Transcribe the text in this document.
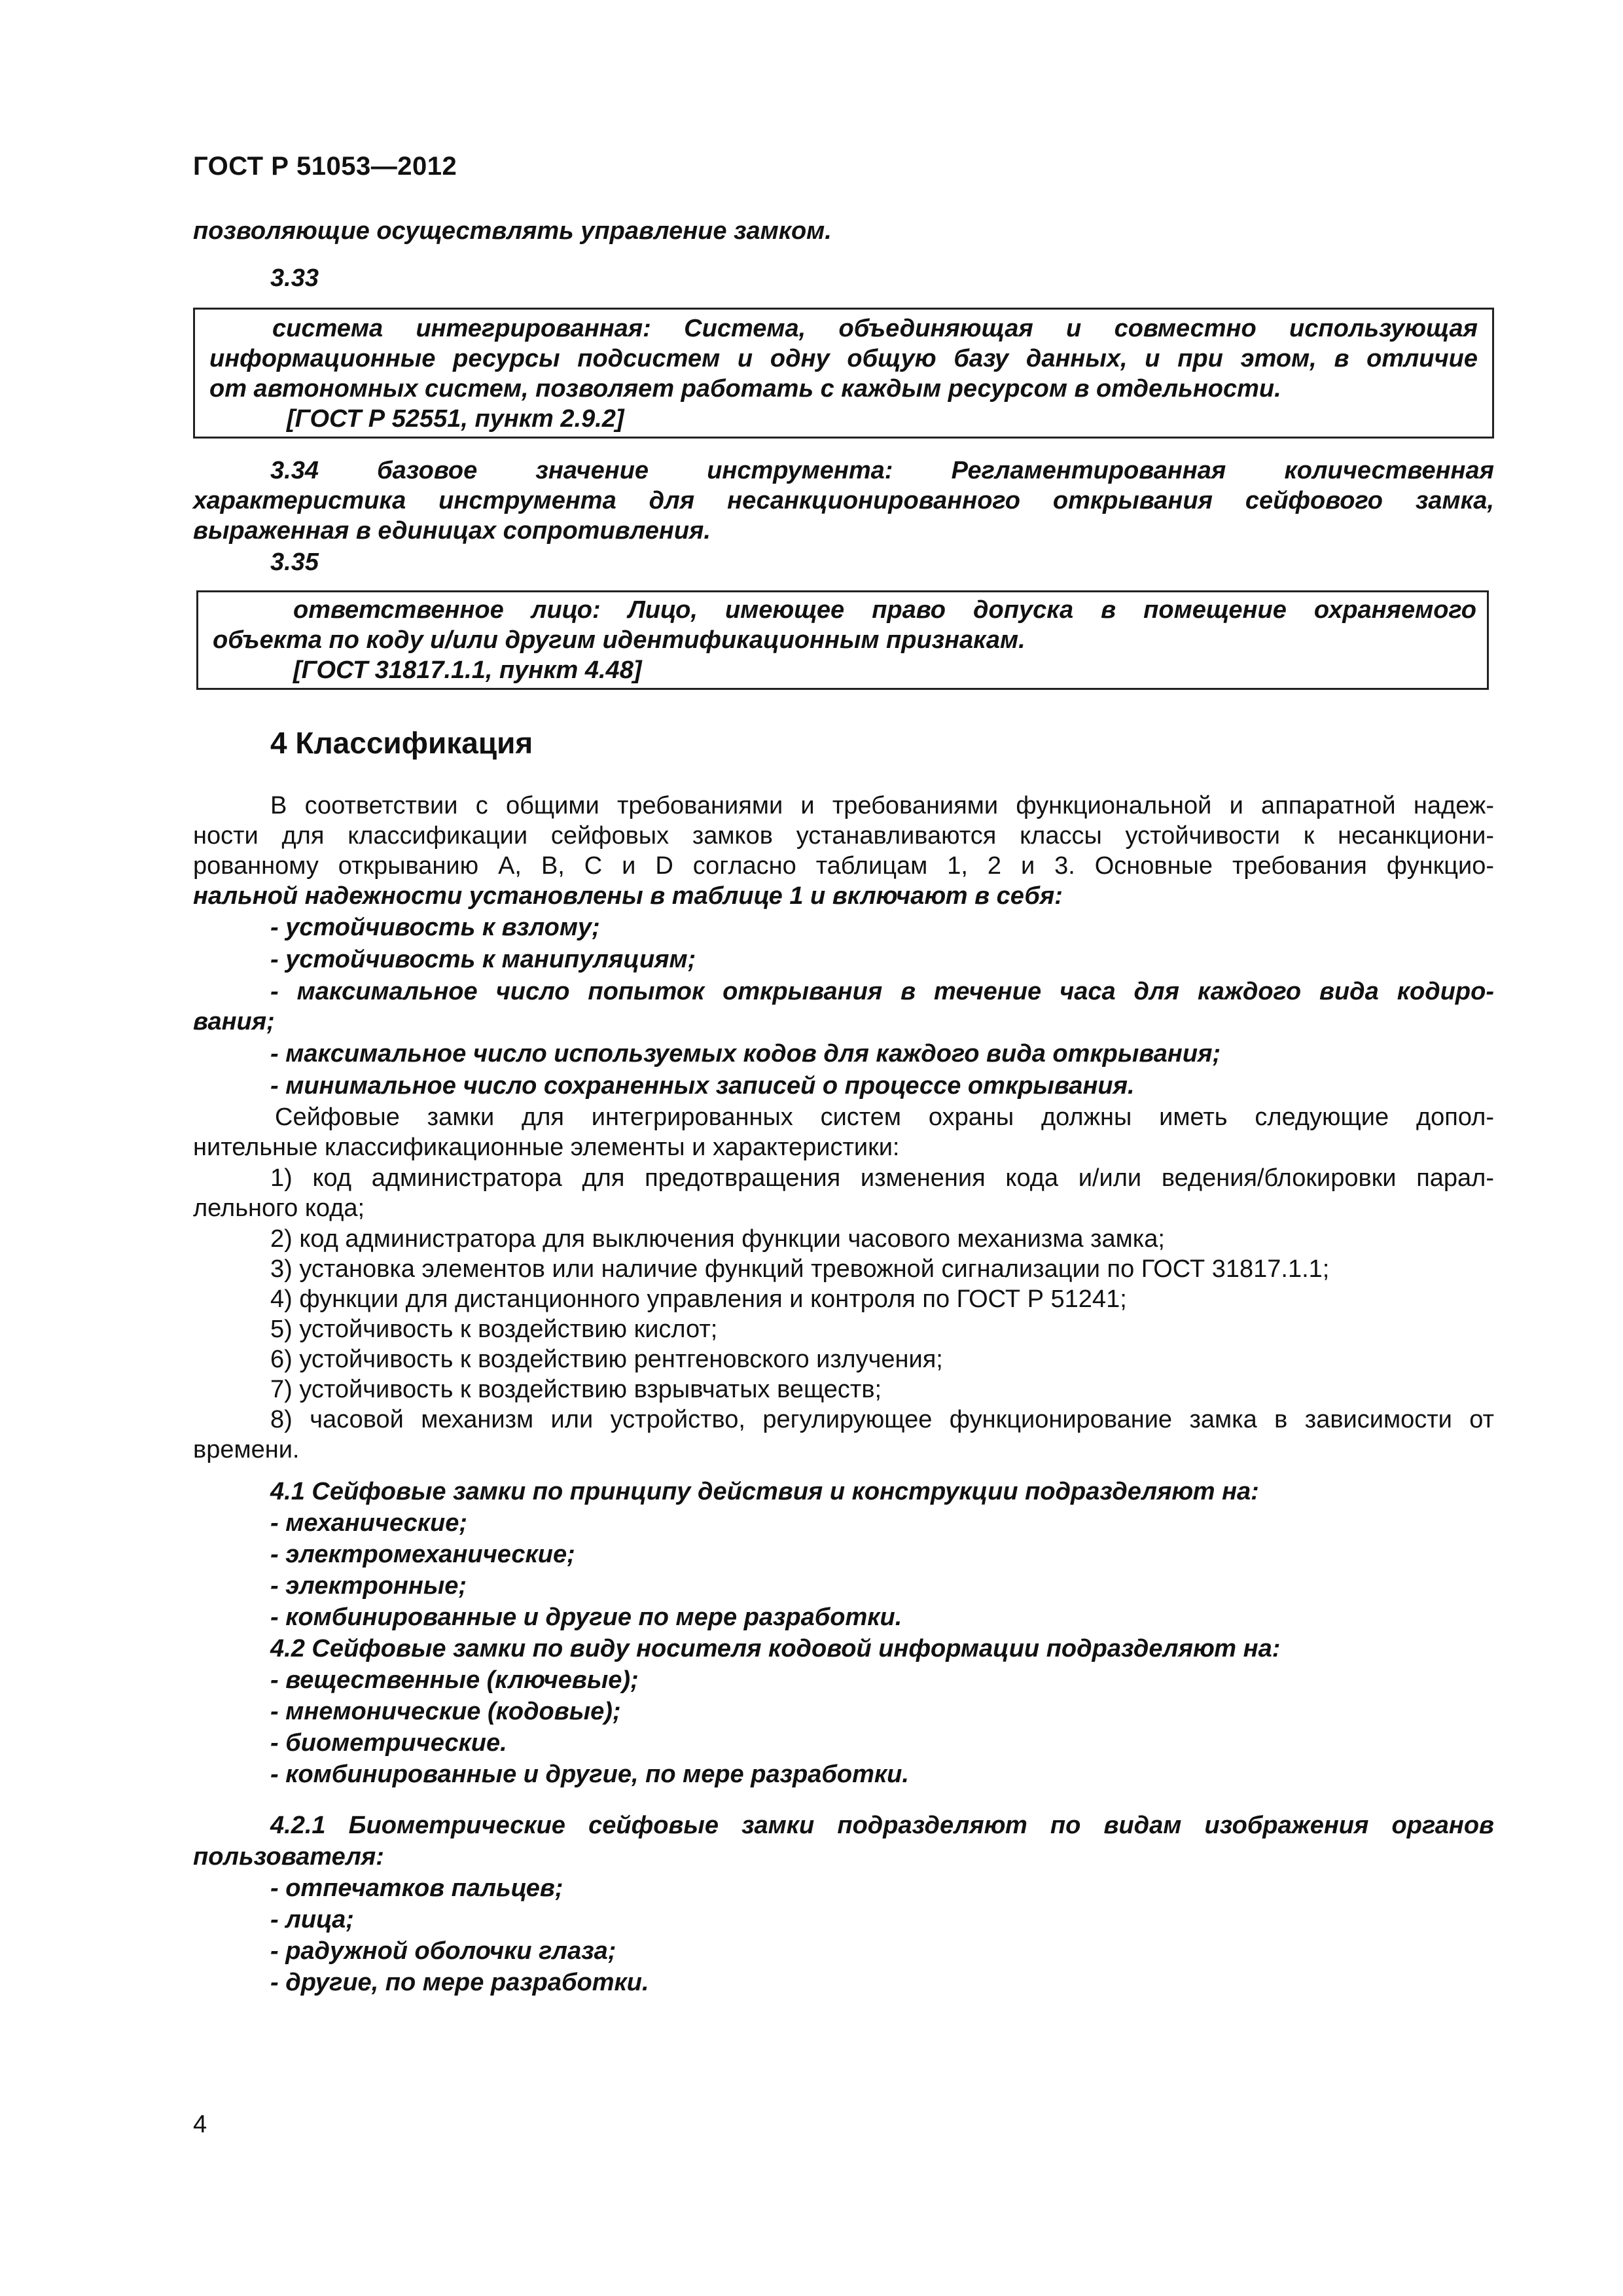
ГОСТ Р 51053—2012
позволяющие осуществлять управление замком.
3.33
система интегрированная: Система, объединяющая и совместно использующая
информационные ресурсы подсистем и одну общую базу данных, и при этом, в отличие
от автономных систем, позволяет работать с каждым ресурсом в отдельности.
[ГОСТ Р 52551, пункт 2.9.2]
3.34 базовое значение инструмента: Регламентированная количественная
характеристика инструмента для несанкционированного открывания сейфового замка,
выраженная в единицах сопротивления.
3.35
ответственное лицо: Лицо, имеющее право допуска в помещение охраняемого
объекта по коду и/или другим идентификационным признакам.
[ГОСТ 31817.1.1, пункт 4.48]
4 Классификация
В соответствии с общими требованиями и требованиями функциональной и аппаратной надеж-
ности для классификации сейфовых замков устанавливаются классы устойчивости к несанкциони-
рованному открыванию А, В, С и D согласно таблицам 1, 2 и 3. Основные требования функцио-
нальной надежности установлены в таблице 1 и включают в себя:
- устойчивость к взлому;
- устойчивость к манипуляциям;
- максимальное число попыток открывания в течение часа для каждого вида кодиро-
вания;
- максимальное число используемых кодов для каждого вида открывания;
- минимальное число сохраненных записей о процессе открывания.
Сейфовые замки для интегрированных систем охраны должны иметь следующие допол-
нительные классификационные элементы и характеристики:
1) код администратора для предотвращения изменения кода и/или ведения/блокировки парал-
лельного кода;
2) код администратора для выключения функции часового механизма замка;
3) установка элементов или наличие функций тревожной сигнализации по ГОСТ 31817.1.1;
4) функции для дистанционного управления и контроля по ГОСТ Р 51241;
5) устойчивость к воздействию кислот;
6) устойчивость к воздействию рентгеновского излучения;
7) устойчивость к воздействию взрывчатых веществ;
8) часовой механизм или устройство, регулирующее функционирование замка в зависимости от
времени.
4.1 Сейфовые замки по принципу действия и конструкции подразделяют на:
- механические;
- электромеханические;
- электронные;
- комбинированные и другие по мере разработки.
4.2 Сейфовые замки по виду носителя кодовой информации подразделяют на:
- вещественные (ключевые);
- мнемонические (кодовые);
- биометрические.
- комбинированные и другие, по мере разработки.
4.2.1 Биометрические сейфовые замки подразделяют по видам изображения органов
пользователя:
- отпечатков пальцев;
- лица;
- радужной оболочки глаза;
- другие, по мере разработки.
4
